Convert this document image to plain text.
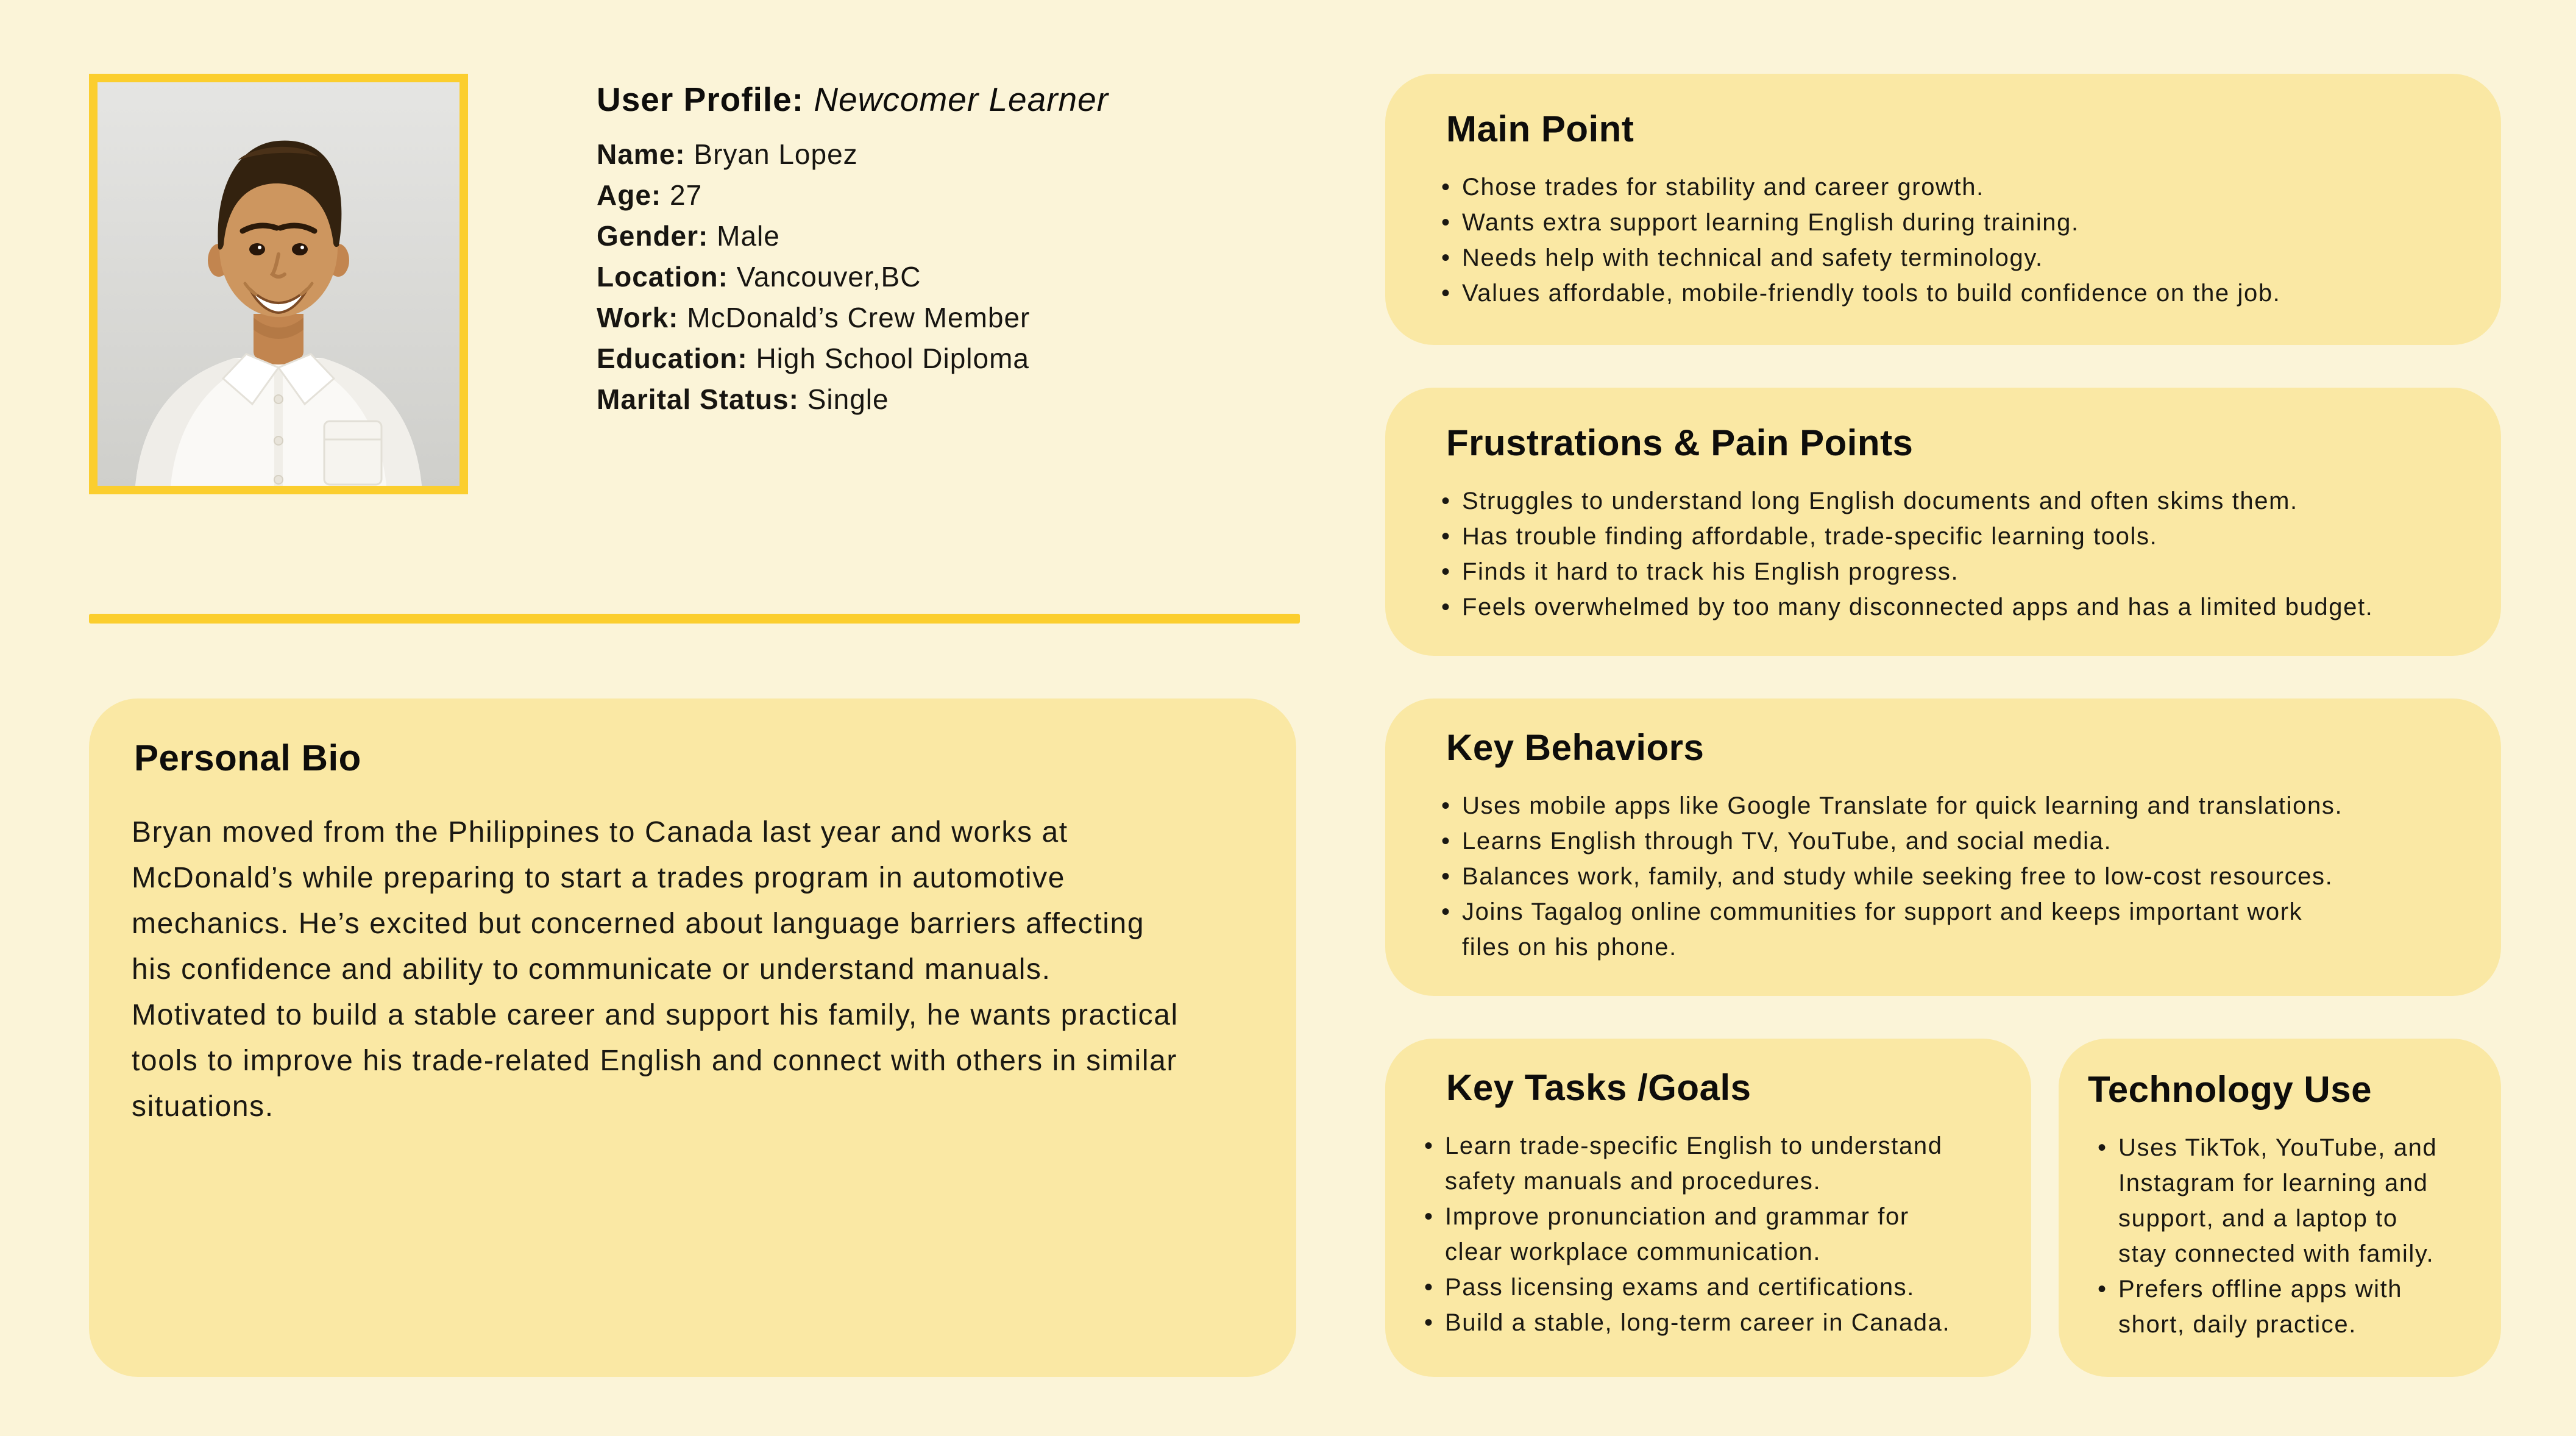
User Profile: Newcomer Learner
Name: Bryan Lopez
Age: 27
Gender: Male
Location: Vancouver,BC
Work: McDonald’s Crew Member
Education: High School Diploma
Marital Status: Single
Personal Bio

Bryan moved from the Philippines to Canada last year and works at McDonald’s while preparing to start a trades program in automotive mechanics. He’s excited but concerned about language barriers affecting his confidence and ability to communicate or understand manuals. Motivated to build a stable career and support his family, he wants practical tools to improve his trade-related English and connect with others in similar situations.

Main Point
• Chose trades for stability and career growth.
• Wants extra support learning English during training.
• Needs help with technical and safety terminology.
• Values affordable, mobile-friendly tools to build confidence on the job.
Frustrations & Pain Points
• Struggles to understand long English documents and often skims them.
• Has trouble finding affordable, trade-specific learning tools.
• Finds it hard to track his English progress.
• Feels overwhelmed by too many disconnected apps and has a limited budget.
Key Behaviors
• Uses mobile apps like Google Translate for quick learning and translations.
• Learns English through TV, YouTube, and social media.
• Balances work, family, and study while seeking free to low-cost resources.
• Joins Tagalog online communities for support and keeps important work files on his phone.
Key Tasks /Goals
• Learn trade-specific English to understand safety manuals and procedures.
• Improve pronunciation and grammar for clear workplace communication.
• Pass licensing exams and certifications.
• Build a stable, long-term career in Canada.
Technology Use
• Uses TikTok, YouTube, and Instagram for learning and support, and a laptop to stay connected with family.
• Prefers offline apps with short, daily practice.
